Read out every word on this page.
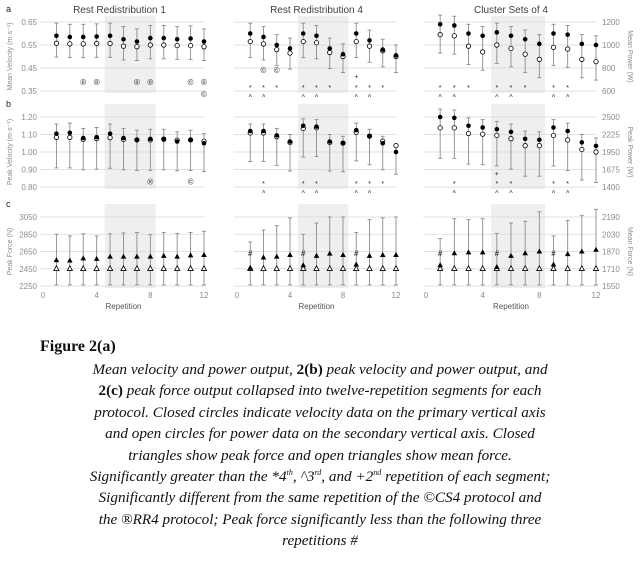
Rest Redistribution 1	Rest Redistribution 4	Cluster Sets of 4
a
Mean Velocity (m·s⁻¹)	Mean Power (W)
0.65	1200
0.55	1000
0.45	800
0.35	600
b
Peak Velocity (m·s⁻¹)	Peak Power (W)
1.20	2500
1.10	2225
1.00	1950
0.90	1675
0.80	1400
c
Peak Force (N)	Mean Force (N)
3050	2190
2850	2030
2650	1870
2450	1710
2250	1550
® ®	® ®	© ®
©
© ©
+
* * *	* * *	* * *
^ ^	^ ^	^ ^
* * *	* * *	* *
^ ^	^ ^	^ ^
®	©	*	* *	* * *
^	^ ^	^ ^
+
*	* *	* *
^	^ ^	^ ^
0	4	8	12
Repetition
0	4	8	12
Repetition
#	#	#
0	4	8	12
Repetition
#	#	#
Figure 2(a)
Mean velocity and power output, 2(b) peak velocity and power output, and
2(c) peak force output collapsed into twelve-repetition segments for each
protocol. Closed circles indicate velocity data on the primary vertical axis
and open circles for power data on the secondary vertical axis. Closed
triangles show peak force and open triangles show mean force.
Significantly greater than the *4th, ^3rd, and +2nd repetition of each segment;
Significantly different from the same repetition of the ©CS4 protocol and
the ®RR4 protocol; Peak force significantly less than the following three
repetitions #
